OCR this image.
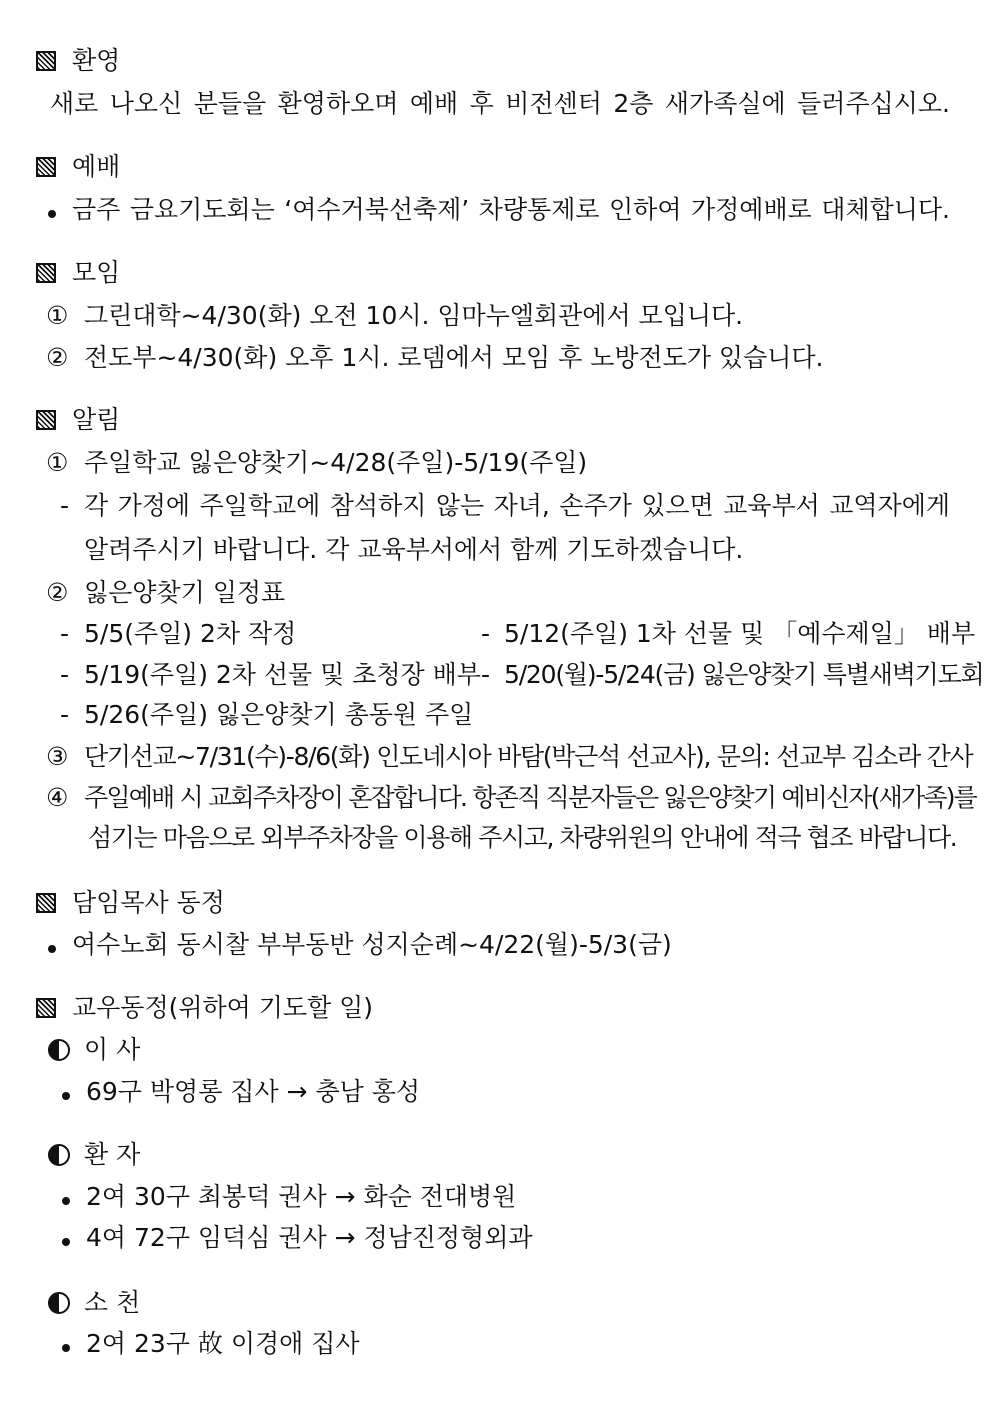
환영
새로 나오신 분들을 환영하오며 예배 후 비전센터 2층 새가족실에 들러주십시오.
예배
금주 금요기도회는 ‘여수거북선축제’ 차량통제로 인하여 가정예배로 대체합니다.
모임
① 그린대학~4/30(화) 오전 10시. 임마누엘회관에서 모입니다.
② 전도부~4/30(화) 오후 1시. 로뎀에서 모임 후 노방전도가 있습니다.
알림
① 주일학교 잃은양찾기~4/28(주일)-5/19(주일)
- 각 가정에 주일학교에 참석하지 않는 자녀, 손주가 있으면 교육부서 교역자에게
알려주시기 바랍니다. 각 교육부서에서 함께 기도하겠습니다.
② 잃은양찾기 일정표
- 5/5(주일) 2차 작정	- 5/12(주일) 1차 선물 및 「예수제일」 배부
- 5/19(주일) 2차 선물 및 초청장 배부 - 5/20(월)-5/24(금) 잃은양찾기 특별새벽기도회
- 5/26(주일) 잃은양찾기 총동원 주일
③ 단기선교~7/31(수)-8/6(화) 인도네시아 바탐(박근석 선교사), 문의: 선교부 김소라 간사
④ 주일예배 시 교회주차장이 혼잡합니다. 항존직 직분자들은 잃은양찾기 예비신자(새가족)를
섬기는 마음으로 외부주차장을 이용해 주시고, 차량위원의 안내에 적극 협조 바랍니다.
담임목사 동정
여수노회 동시찰 부부동반 성지순례~4/22(월)-5/3(금)
교우동정(위하여 기도할 일)
이 사
69구 박영롱 집사 → 충남 홍성
환 자
2여 30구 최봉덕 권사 → 화순 전대병원
4여 72구 임덕심 권사 → 정남진정형외과
소 천
2여 23구 故 이경애 집사
